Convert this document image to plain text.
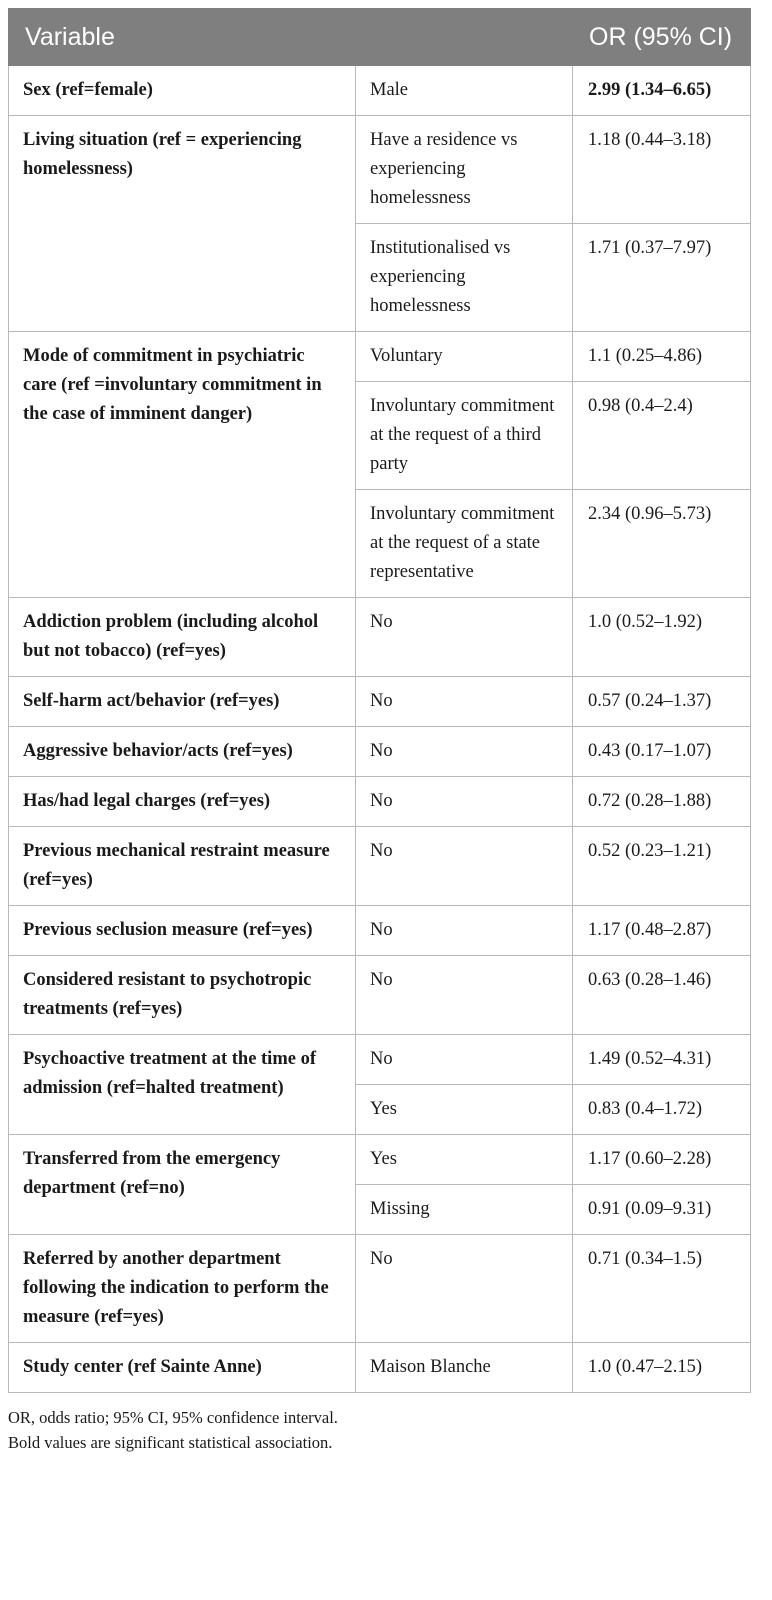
Variable		OR (95% CI)
Sex (ref=female)	Male	2.99 (1.34–6.65)
Living situation (ref = experiencing homelessness)	Have a residence vs experiencing homelessness	1.18 (0.44–3.18)
	Institutionalised vs experiencing homelessness	1.71 (0.37–7.97)
Mode of commitment in psychiatric care (ref =involuntary commitment in the case of imminent danger)	Voluntary	1.1 (0.25–4.86)
	Involuntary commitment at the request of a third party	0.98 (0.4–2.4)
	Involuntary commitment at the request of a state representative	2.34 (0.96–5.73)
Addiction problem (including alcohol but not tobacco) (ref=yes)	No	1.0 (0.52–1.92)
Self-harm act/behavior (ref=yes)	No	0.57 (0.24–1.37)
Aggressive behavior/acts (ref=yes)	No	0.43 (0.17–1.07)
Has/had legal charges (ref=yes)	No	0.72 (0.28–1.88)
Previous mechanical restraint measure (ref=yes)	No	0.52 (0.23–1.21)
Previous seclusion measure (ref=yes)	No	1.17 (0.48–2.87)
Considered resistant to psychotropic treatments (ref=yes)	No	0.63 (0.28–1.46)
Psychoactive treatment at the time of admission (ref=halted treatment)	No	1.49 (0.52–4.31)
	Yes	0.83 (0.4–1.72)
Transferred from the emergency department (ref=no)	Yes	1.17 (0.60–2.28)
	Missing	0.91 (0.09–9.31)
Referred by another department following the indication to perform the measure (ref=yes)	No	0.71 (0.34–1.5)
Study center (ref Sainte Anne)	Maison Blanche	1.0 (0.47–2.15)
OR, odds ratio; 95% CI, 95% confidence interval.
Bold values are significant statistical association.
